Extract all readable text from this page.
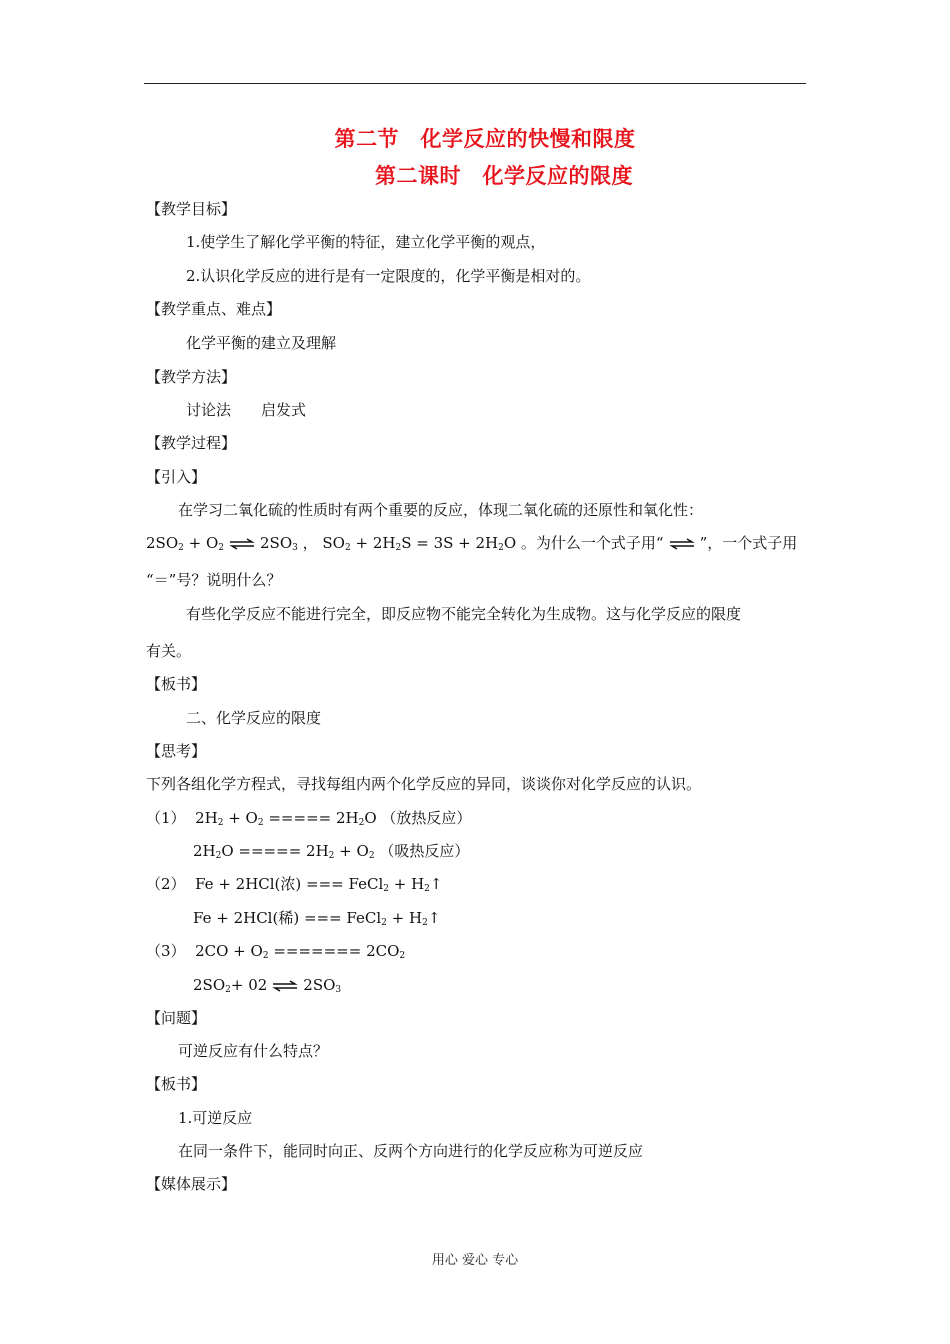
第二节　化学反应的快慢和限度
第二课时　化学反应的限度
【教学目标】
1.使学生了解化学平衡的特征，建立化学平衡的观点，
2.认识化学反应的进行是有一定限度的，化学平衡是相对的。
【教学重点、难点】
化学平衡的建立及理解
【教学方法】
讨论法　　启发式
【教学过程】
【引入】
在学习二氧化硫的性质时有两个重要的反应，体现二氧化硫的还原性和氧化性：
$2SO_2 + O_2$ ⇌ $2SO_3$ ， $SO_2 + 2H_2S = 3S + 2H_2O$ 。为什么一个式子用“ ⇌ ”，一个式子用
“＝”号？说明什么？
有些化学反应不能进行完全，即反应物不能完全转化为生成物。这与化学反应的限度
有关。
【板书】
二、化学反应的限度
【思考】
下列各组化学方程式，寻找每组内两个化学反应的异同，谈谈你对化学反应的认识。
（1） $2H_2 + O_2$ ===== $2H_2O$ （放热反应）
$2H_2O$ ===== $2H_2 + O_2$ （吸热反应）
（2） Fe + 2HCl(浓) === FeCl$_2$ + $H_2↑$
Fe + 2HCl(稀) === FeCl$_2$ + $H_2↑$
（3） $2CO + O_2$ ======= $2CO_2$
$2SO_2+ 02$ ⇌ $2SO_3$
【问题】
可逆反应有什么特点？
【板书】
1.可逆反应
在同一条件下，能同时向正、反两个方向进行的化学反应称为可逆反应
【媒体展示】
用心 爱心 专心
